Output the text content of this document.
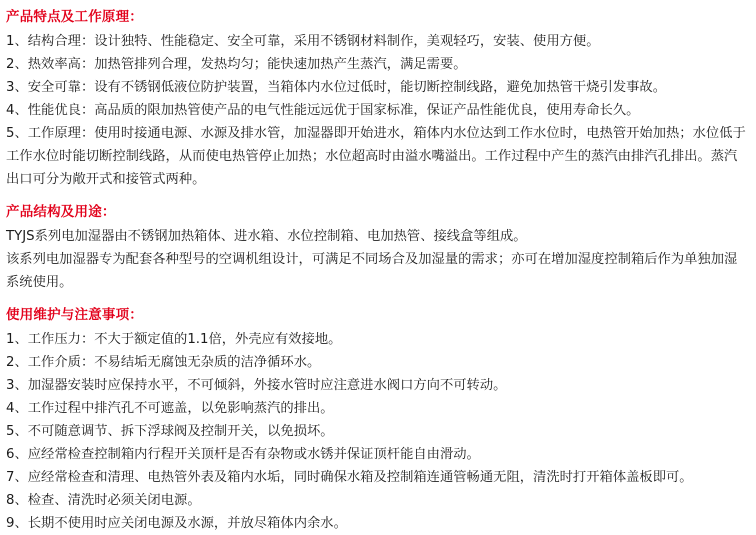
产品特点及工作原理：

1、结构合理：设计独特、性能稳定、安全可靠，采用不锈钢材料制作，美观轻巧，安装、使用方便。
2、热效率高：加热管排列合理，发热均匀；能快速加热产生蒸汽，满足需要。
3、安全可靠：设有不锈钢低液位防护装置，当箱体内水位过低时，能切断控制线路，避免加热管干烧引发事故。
4、性能优良：高品质的限加热管使产品的电气性能远远优于国家标准，保证产品性能优良，使用寿命长久。
5、工作原理：使用时接通电源、水源及排水管，加湿器即开始进水，箱体内水位达到工作水位时，电热管开始加热；水位低于工作水位时能切断控制线路，从而使电热管停止加热；水位超高时由溢水嘴溢出。工作过程中产生的蒸汽由排汽孔排出。蒸汽出口可分为敞开式和接管式两种。

产品结构及用途：

TYJS系列电加湿器由不锈钢加热箱体、进水箱、水位控制箱、电加热管、接线盒等组成。

该系列电加湿器专为配套各种型号的空调机组设计，可满足不同场合及加湿量的需求；亦可在增加湿度控制箱后作为单独加湿系统使用。

使用维护与注意事项：

1、工作压力：不大于额定值的1.1倍，外壳应有效接地。
2、工作介质：不易结垢无腐蚀无杂质的洁净循环水。
3、加湿器安装时应保持水平，不可倾斜，外接水管时应注意进水阀口方向不可转动。
4、工作过程中排汽孔不可遮盖，以免影响蒸汽的排出。
5、不可随意调节、拆下浮球阀及控制开关，以免损坏。
6、应经常检查控制箱内行程开关顶杆是否有杂物或水锈并保证顶杆能自由滑动。
7、应经常检查和清理、电热管外表及箱内水垢，同时确保水箱及控制箱连通管畅通无阻，清洗时打开箱体盖板即可。
8、检查、清洗时必须关闭电源。
9、长期不使用时应关闭电源及水源，并放尽箱体内余水。
